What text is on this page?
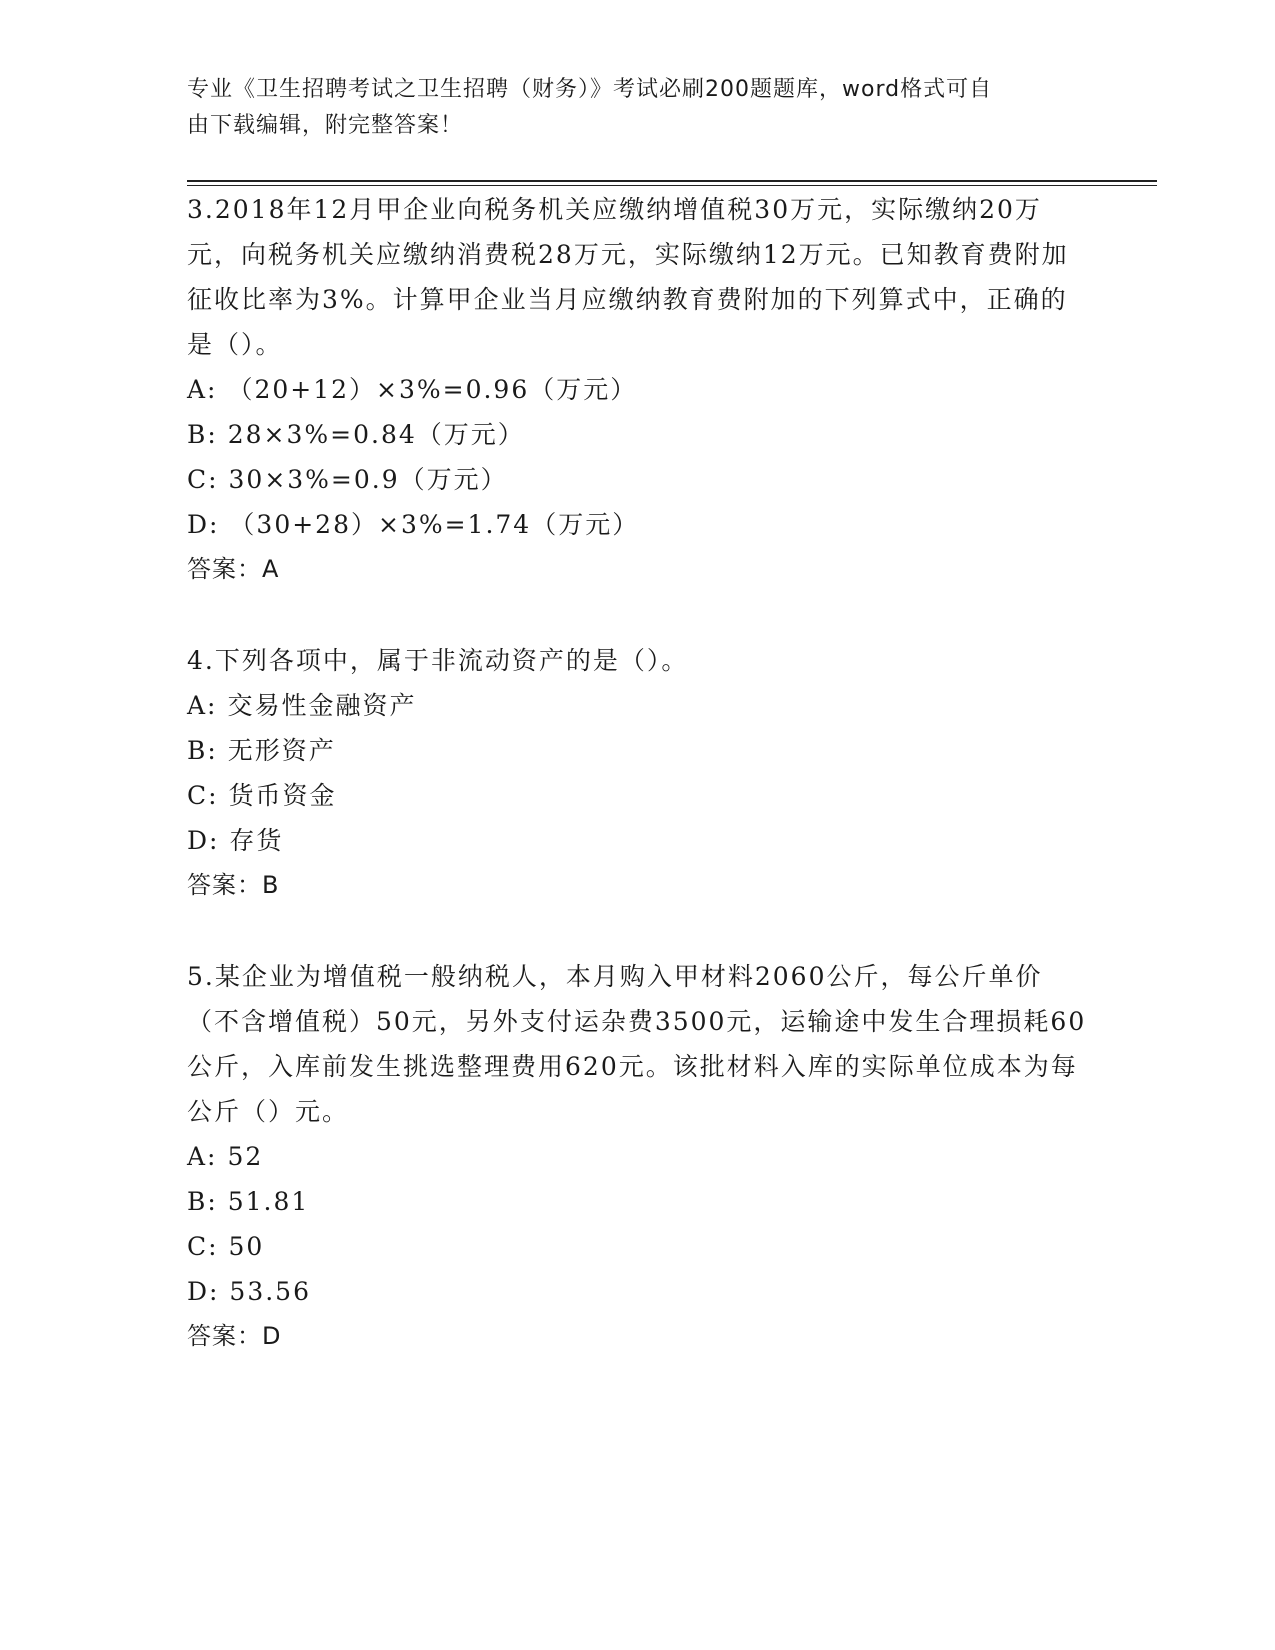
专业《卫生招聘考试之卫生招聘（财务）》考试必刷200题题库，word格式可自
由下载编辑，附完整答案！
3.2018年12月甲企业向税务机关应缴纳增值税30万元，实际缴纳20万元，向税务机关应缴纳消费税28万元，实际缴纳12万元。已知教育费附加征收比率为3%。计算甲企业当月应缴纳教育费附加的下列算式中，正确的是（）。
A: （20+12）×3%=0.96（万元）
B: 28×3%=0.84（万元）
C: 30×3%=0.9（万元）
D: （30+28）×3%=1.74（万元）
答案：A
4.下列各项中，属于非流动资产的是（）。
A: 交易性金融资产
B: 无形资产
C: 货币资金
D: 存货
答案：B
5.某企业为增值税一般纳税人，本月购入甲材料2060公斤，每公斤单价（不含增值税）50元，另外支付运杂费3500元，运输途中发生合理损耗60公斤，入库前发生挑选整理费用620元。该批材料入库的实际单位成本为每公斤（）元。
A: 52
B: 51.81
C: 50
D: 53.56
答案：D
